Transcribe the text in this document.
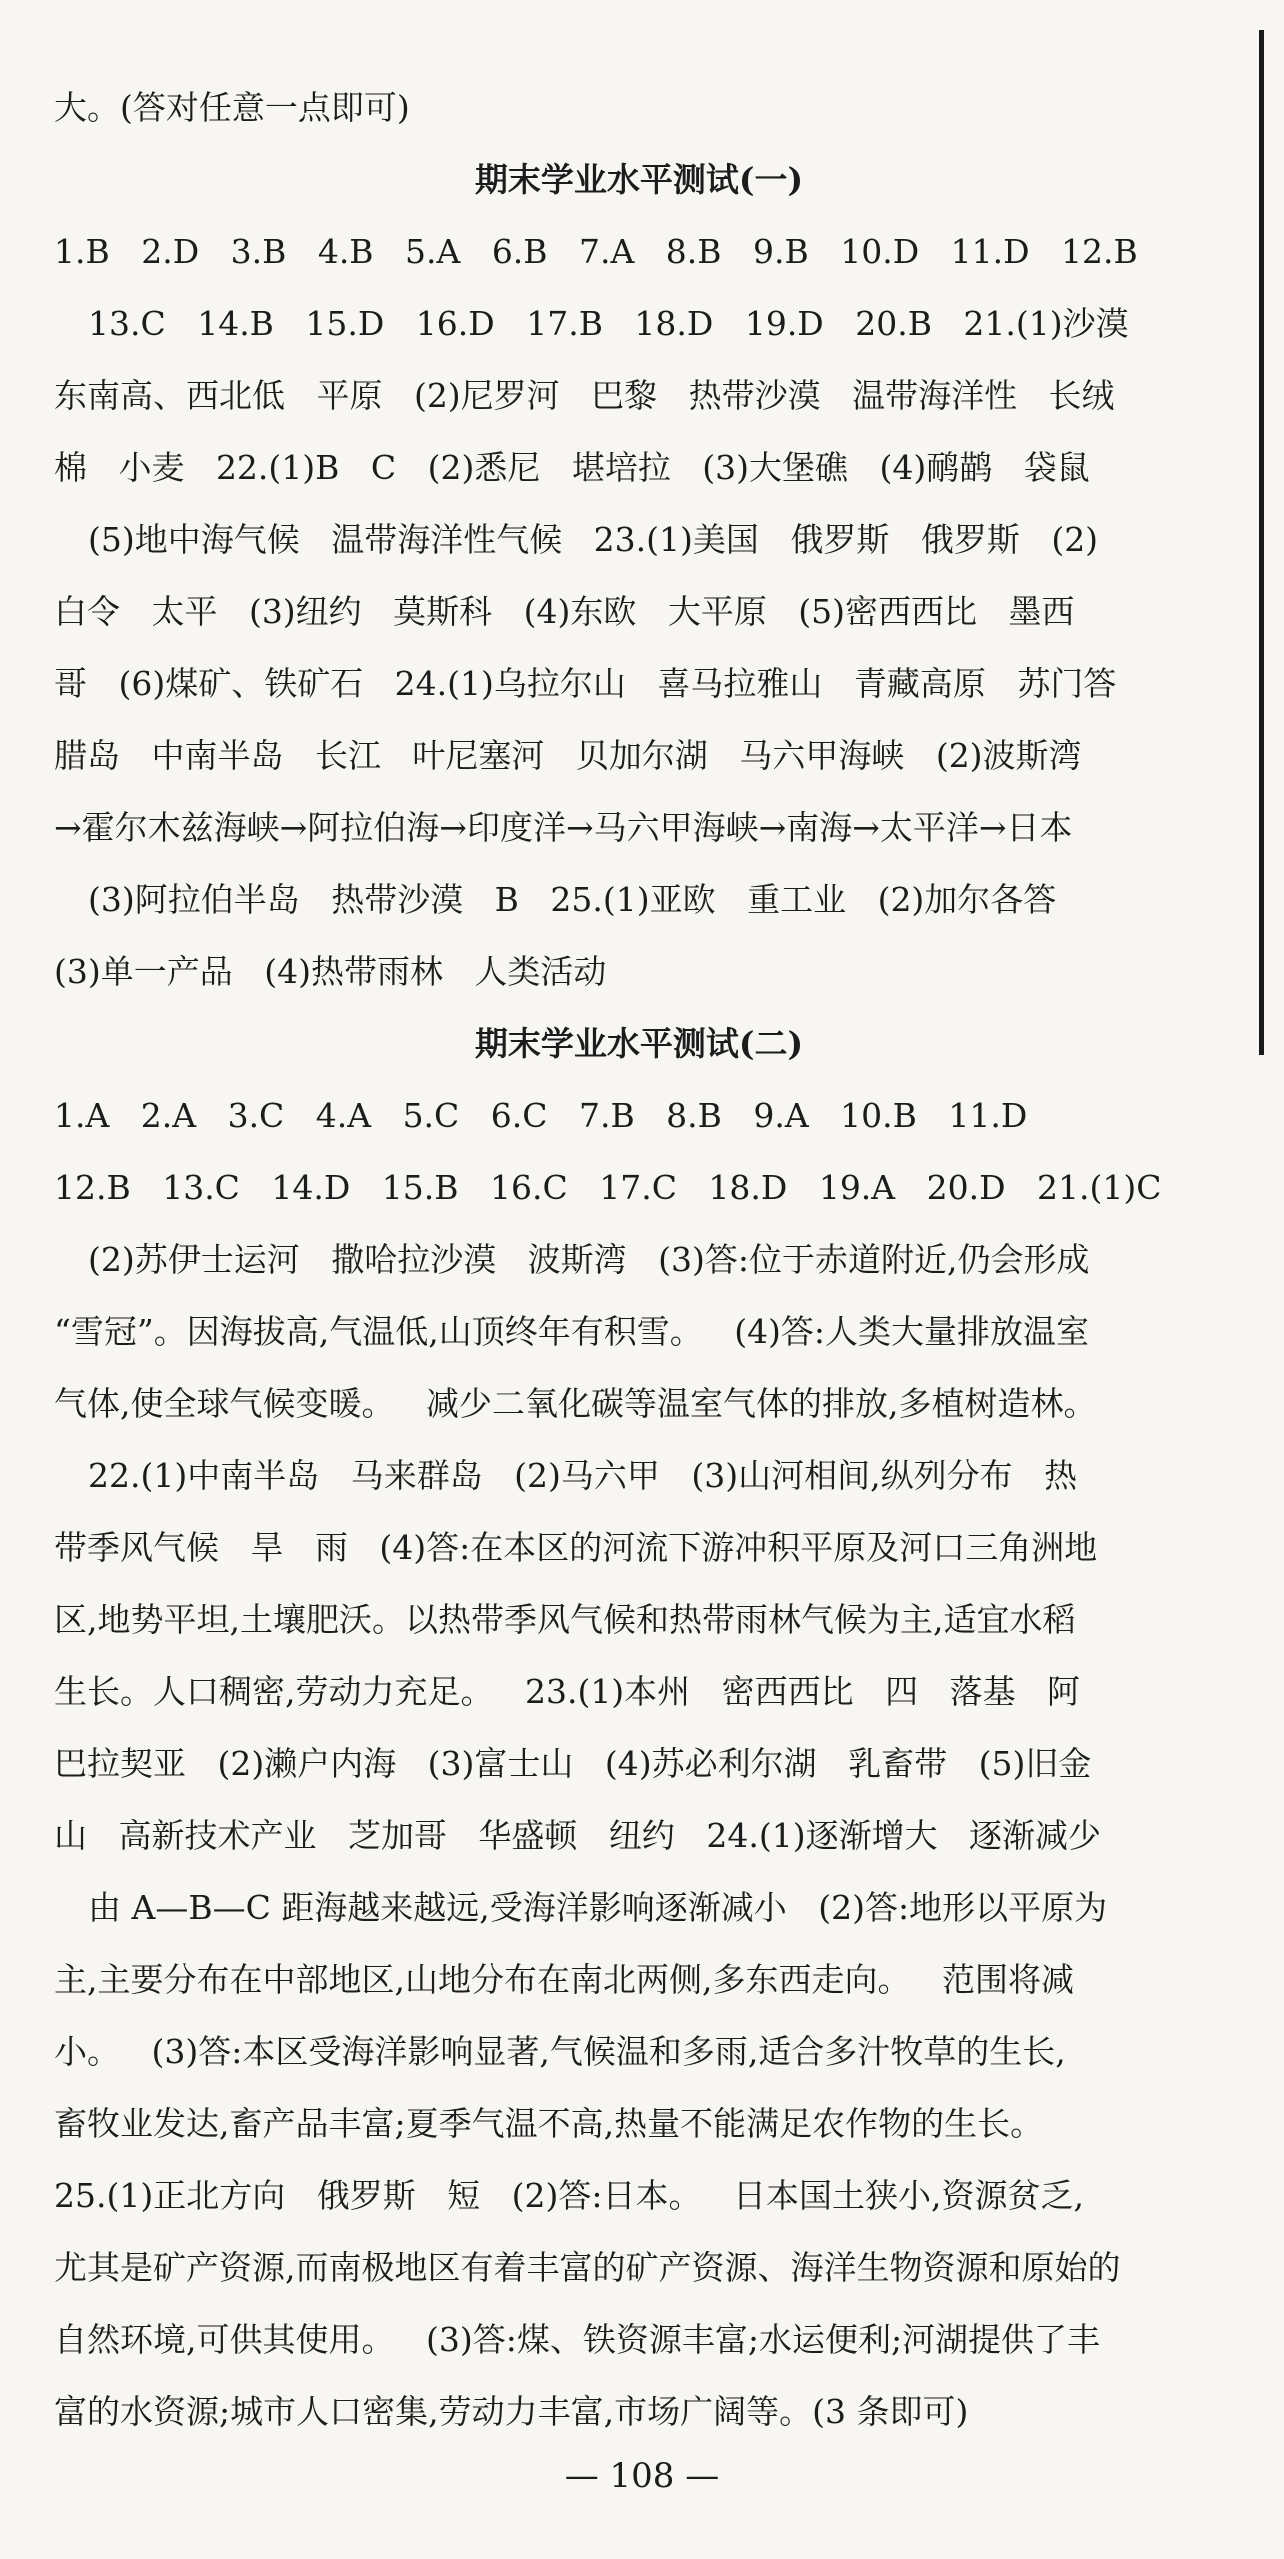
大。(答对任意一点即可)
期末学业水平测试(一)
1.B   2.D   3.B   4.B   5.A   6.B   7.A   8.B   9.B   10.D   11.D   12.B
13.C   14.B   15.D   16.D   17.B   18.D   19.D   20.B   21.(1)沙漠
东南高、西北低   平原   (2)尼罗河   巴黎   热带沙漠   温带海洋性   长绒
棉   小麦   22.(1)B   C   (2)悉尼   堪培拉   (3)大堡礁   (4)鸸鹋   袋鼠
(5)地中海气候   温带海洋性气候   23.(1)美国   俄罗斯   俄罗斯   (2)
白令   太平   (3)纽约   莫斯科   (4)东欧   大平原   (5)密西西比   墨西
哥   (6)煤矿、铁矿石   24.(1)乌拉尔山   喜马拉雅山   青藏高原   苏门答
腊岛   中南半岛   长江   叶尼塞河   贝加尔湖   马六甲海峡   (2)波斯湾
→霍尔木兹海峡→阿拉伯海→印度洋→马六甲海峡→南海→太平洋→日本
(3)阿拉伯半岛   热带沙漠   B   25.(1)亚欧   重工业   (2)加尔各答
(3)单一产品   (4)热带雨林   人类活动
期末学业水平测试(二)
1.A   2.A   3.C   4.A   5.C   6.C   7.B   8.B   9.A   10.B   11.D
12.B   13.C   14.D   15.B   16.C   17.C   18.D   19.A   20.D   21.(1)C
(2)苏伊士运河   撒哈拉沙漠   波斯湾   (3)答:位于赤道附近,仍会形成
“雪冠”。因海拔高,气温低,山顶终年有积雪。   (4)答:人类大量排放温室
气体,使全球气候变暖。   减少二氧化碳等温室气体的排放,多植树造林。
22.(1)中南半岛   马来群岛   (2)马六甲   (3)山河相间,纵列分布   热
带季风气候   旱   雨   (4)答:在本区的河流下游冲积平原及河口三角洲地
区,地势平坦,土壤肥沃。以热带季风气候和热带雨林气候为主,适宜水稻
生长。人口稠密,劳动力充足。   23.(1)本州   密西西比   四   落基   阿
巴拉契亚   (2)濑户内海   (3)富士山   (4)苏必利尔湖   乳畜带   (5)旧金
山   高新技术产业   芝加哥   华盛顿   纽约   24.(1)逐渐增大   逐渐减少
由 A—B—C 距海越来越远,受海洋影响逐渐减小   (2)答:地形以平原为
主,主要分布在中部地区,山地分布在南北两侧,多东西走向。   范围将减
小。   (3)答:本区受海洋影响显著,气候温和多雨,适合多汁牧草的生长,
畜牧业发达,畜产品丰富;夏季气温不高,热量不能满足农作物的生长。
25.(1)正北方向   俄罗斯   短   (2)答:日本。   日本国土狭小,资源贫乏,
尤其是矿产资源,而南极地区有着丰富的矿产资源、海洋生物资源和原始的
自然环境,可供其使用。   (3)答:煤、铁资源丰富;水运便利;河湖提供了丰
富的水资源;城市人口密集,劳动力丰富,市场广阔等。(3 条即可)
— 108 —
